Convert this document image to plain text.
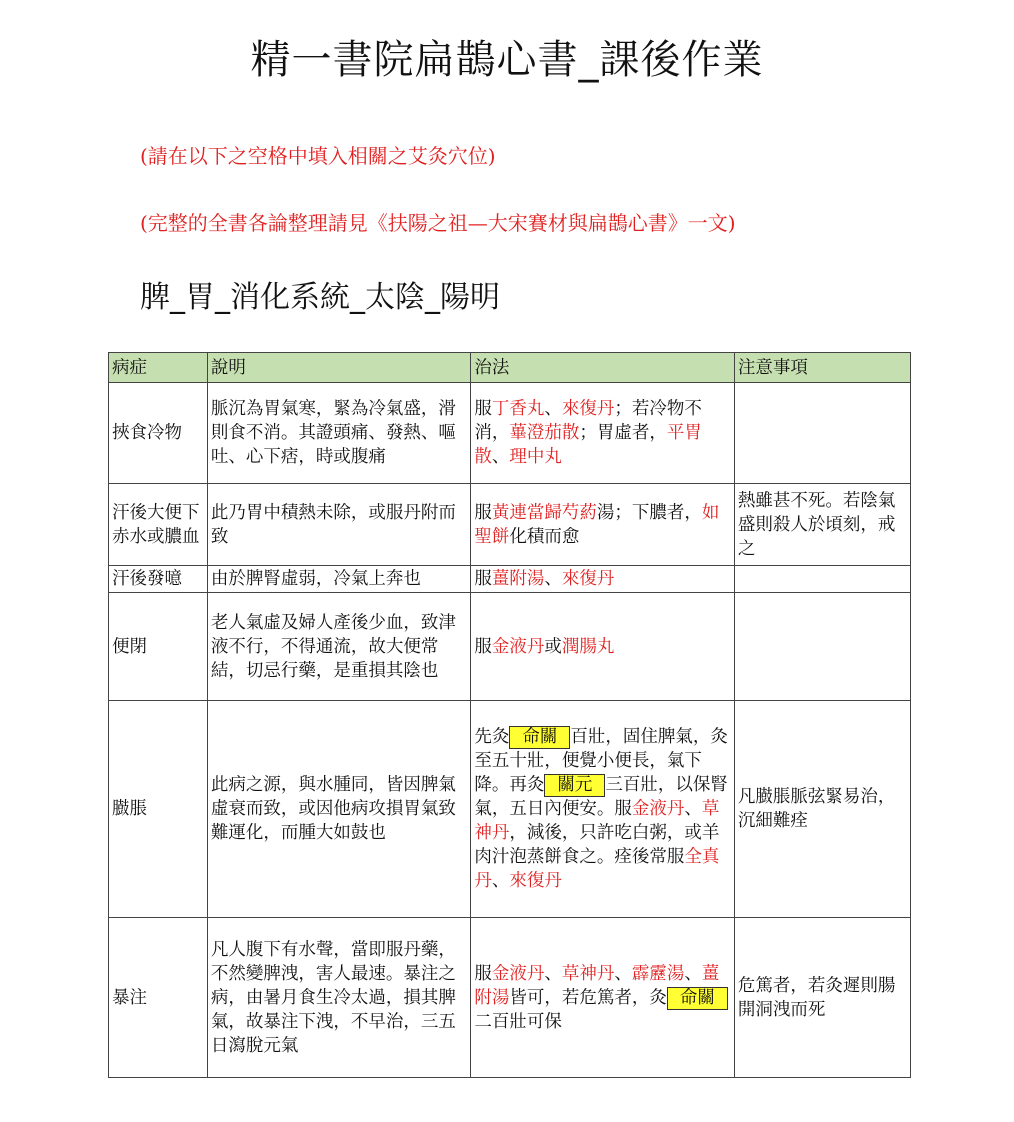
精一書院扁鵲心書_課後作業
(請在以下之空格中填入相關之艾灸穴位)
(完整的全書各論整理請見《扶陽之祖—大宋賽材與扁鵲心書》一文)
脾_胃_消化系統_太陰_陽明
病症	說明	治法	注意事項
挾食冷物	脈沉為胃氣寒，緊為冷氣盛，滑則食不消。其證頭痛、發熱、嘔吐、心下痞，時或腹痛	服丁香丸、來復丹；若冷物不消，蓽澄茄散；胃虛者，平胃散、理中丸	
汗後大便下赤水或膿血	此乃胃中積熱未除，或服丹附而致	服黃連當歸芍葯湯；下膿者，如聖餅化積而愈	熱雖甚不死。若陰氣盛則殺人於頃刻，戒之
汗後發噫	由於脾腎虛弱，冷氣上奔也	服薑附湯、來復丹	
便閉	老人氣虛及婦人產後少血，致津液不行，不得通流，故大便常結，切忌行藥，是重損其陰也	服金液丹或潤腸丸	
臌脹	此病之源，與水腫同，皆因脾氣虛衰而致，或因他病攻損胃氣致難運化，而腫大如鼓也	先灸 命關 百壯，固住脾氣，灸至五十壯，便覺小便長，氣下降。再灸 關元 三百壯，以保腎氣，五日內便安。服金液丹、草神丹，減後，只許吃白粥，或羊肉汁泡蒸餅食之。痊後常服全真丹、來復丹	凡臌脹脈弦緊易治，沉細難痊
暴注	凡人腹下有水聲，當即服丹藥，不然變脾洩，害人最速。暴注之病，由暑月食生冷太過，損其脾氣，故暴注下洩，不早治，三五日瀉脫元氣	服金液丹、草神丹、霹靂湯、薑附湯皆可，若危篤者，灸 命關二百壯可保	危篤者，若灸遲則腸開洞洩而死
